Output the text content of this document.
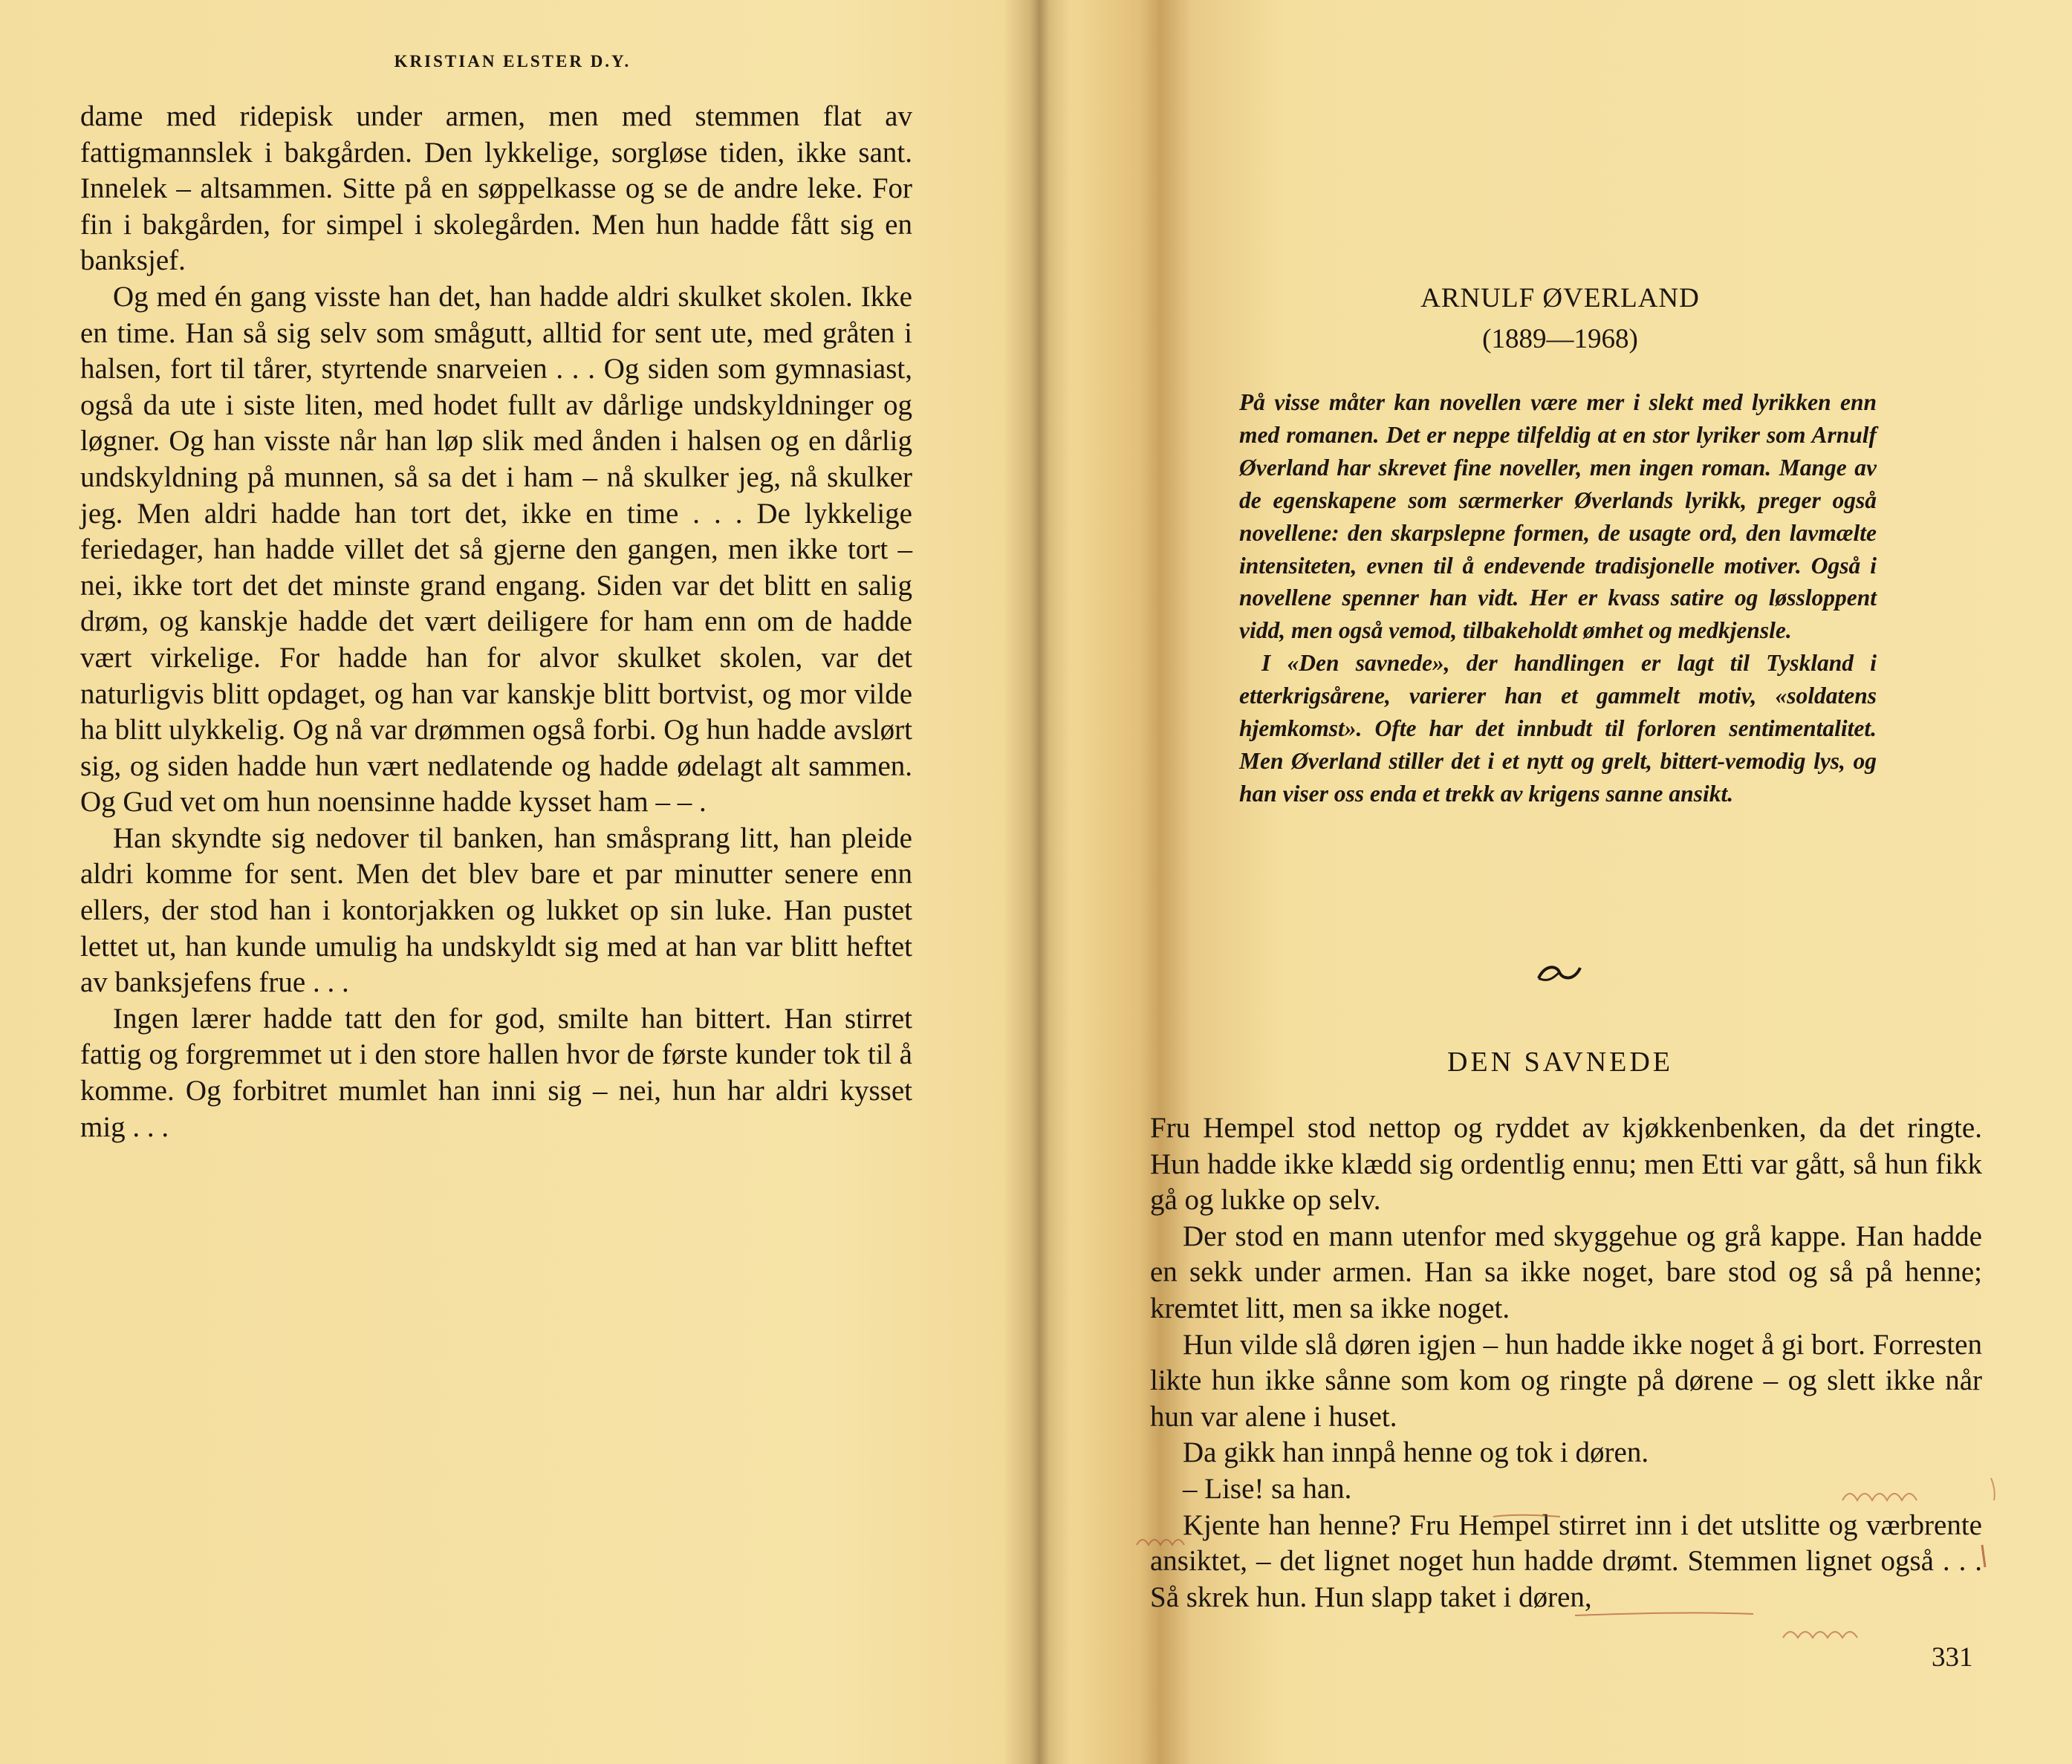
KRISTIAN ELSTER D.Y.

dame med ridepisk under armen, men med stemmen flat av fattigmannslek i bakgården. Den lykkelige, sorgløse tiden, ikke sant. Innelek – altsammen. Sitte på en søppelkasse og se de andre leke. For fin i bakgården, for simpel i skolegården. Men hun hadde fått sig en banksjef.

Og med én gang visste han det, han hadde aldri skulket skolen. Ikke en time. Han så sig selv som smågutt, alltid for sent ute, med gråten i halsen, fort til tårer, styrtende snarveien . . . Og siden som gymnasiast, også da ute i siste liten, med hodet fullt av dårlige undskyldninger og løgner. Og han visste når han løp slik med ånden i halsen og en dårlig undskyldning på munnen, så sa det i ham – nå skulker jeg, nå skulker jeg. Men aldri hadde han tort det, ikke en time . . . De lykkelige feriedager, han hadde villet det så gjerne den gangen, men ikke tort – nei, ikke tort det det minste grand engang. Siden var det blitt en salig drøm, og kanskje hadde det vært deiligere for ham enn om de hadde vært virkelige. For hadde han for alvor skulket skolen, var det naturligvis blitt opdaget, og han var kanskje blitt bortvist, og mor vilde ha blitt ulykkelig. Og nå var drømmen også forbi. Og hun hadde avslørt sig, og siden hadde hun vært nedlatende og hadde ødelagt alt sammen. Og Gud vet om hun noensinne hadde kysset ham – – .

Han skyndte sig nedover til banken, han småsprang litt, han pleide aldri komme for sent. Men det blev bare et par minutter senere enn ellers, der stod han i kontorjakken og lukket op sin luke. Han pustet lettet ut, han kunde umulig ha undskyldt sig med at han var blitt heftet av banksjefens frue . . .

Ingen lærer hadde tatt den for god, smilte han bittert. Han stirret fattig og forgremmet ut i den store hallen hvor de første kunder tok til å komme. Og forbitret mumlet han inni sig – nei, hun har aldri kysset mig . . .

ARNULF ØVERLAND
(1889—1968)

På visse måter kan novellen være mer i slekt med lyrikken enn med romanen. Det er neppe tilfeldig at en stor lyriker som Arnulf Øverland har skrevet fine noveller, men ingen roman. Mange av de egenskapene som særmerker Øverlands lyrikk, preger også novellene: den skarpslepne formen, de usagte ord, den lavmælte intensiteten, evnen til å endevende tradisjonelle motiver. Også i novellene spenner han vidt. Her er kvass satire og løssloppent vidd, men også vemod, tilbakeholdt ømhet og medkjensle.

I «Den savnede», der handlingen er lagt til Tyskland i etterkrigsårene, varierer han et gammelt motiv, «soldatens hjemkomst». Ofte har det innbudt til forloren sentimentalitet. Men Øverland stiller det i et nytt og grelt, bittert-vemodig lys, og han viser oss enda et trekk av krigens sanne ansikt.

DEN SAVNEDE

Fru Hempel stod nettop og ryddet av kjøkkenbenken, da det ringte. Hun hadde ikke klædd sig ordentlig ennu; men Etti var gått, så hun fikk gå og lukke op selv.

Der stod en mann utenfor med skyggehue og grå kappe. Han hadde en sekk under armen. Han sa ikke noget, bare stod og så på henne; kremtet litt, men sa ikke noget.

Hun vilde slå døren igjen – hun hadde ikke noget å gi bort. Forresten likte hun ikke sånne som kom og ringte på dørene – og slett ikke når hun var alene i huset.

Da gikk han innpå henne og tok i døren.

– Lise! sa han.

Kjente han henne? Fru Hempel stirret inn i det utslitte og værbrente ansiktet, – det lignet noget hun hadde drømt. Stemmen lignet også . . . Så skrek hun. Hun slapp taket i døren,

331
